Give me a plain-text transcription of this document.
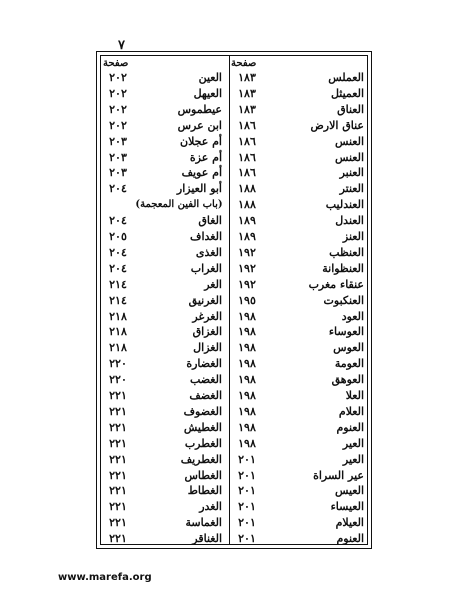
٧
صفحة
صفحة
العملس
١٨٣
العين
٢٠٢
العميثل
١٨٣
العيهل
٢٠٢
العناق
١٨٣
عيطموس
٢٠٢
عناق الارض
١٨٦
ابن عرس
٢٠٢
العنس
١٨٦
أم عجلان
٢٠٣
العنس
١٨٦
أم عزة
٢٠٣
العنبر
١٨٦
أم عويف
٢٠٣
العنتر
١٨٨
أبو العيزار
٢٠٤
العندليب
١٨٨
العندل
١٨٩
الغاق
٢٠٤
العنز
١٨٩
الغداف
٢٠٥
العنظب
١٩٢
الغذى
٢٠٤
العنظوانة
١٩٢
الغراب
٢٠٤
عنقاء مغرب
١٩٢
الغر
٢١٤
العنكبوت
١٩٥
الغرنيق
٢١٤
العود
١٩٨
الغرغر
٢١٨
العوساء
١٩٨
الغزاق
٢١٨
العوس
١٩٨
الغزال
٢١٨
العومة
١٩٨
الغضارة
٢٢٠
العوهق
١٩٨
الغضب
٢٢٠
العلا
١٩٨
الغضف
٢٢١
العلام
١٩٨
الغضوف
٢٢١
العنوم
١٩٨
الغطيش
٢٢١
العير
١٩٨
الغطرب
٢٢١
العير
٢٠١
الغطريف
٢٢١
عير السراة
٢٠١
الغطاس
٢٢١
العيس
٢٠١
الغطاط
٢٢١
العيساء
٢٠١
الغدر
٢٢١
العيلام
٢٠١
الغماسة
٢٢١
العنوم
٢٠١
الغناقر
٢٢١
(باب الفين المعجمة)
www.marefa.org
